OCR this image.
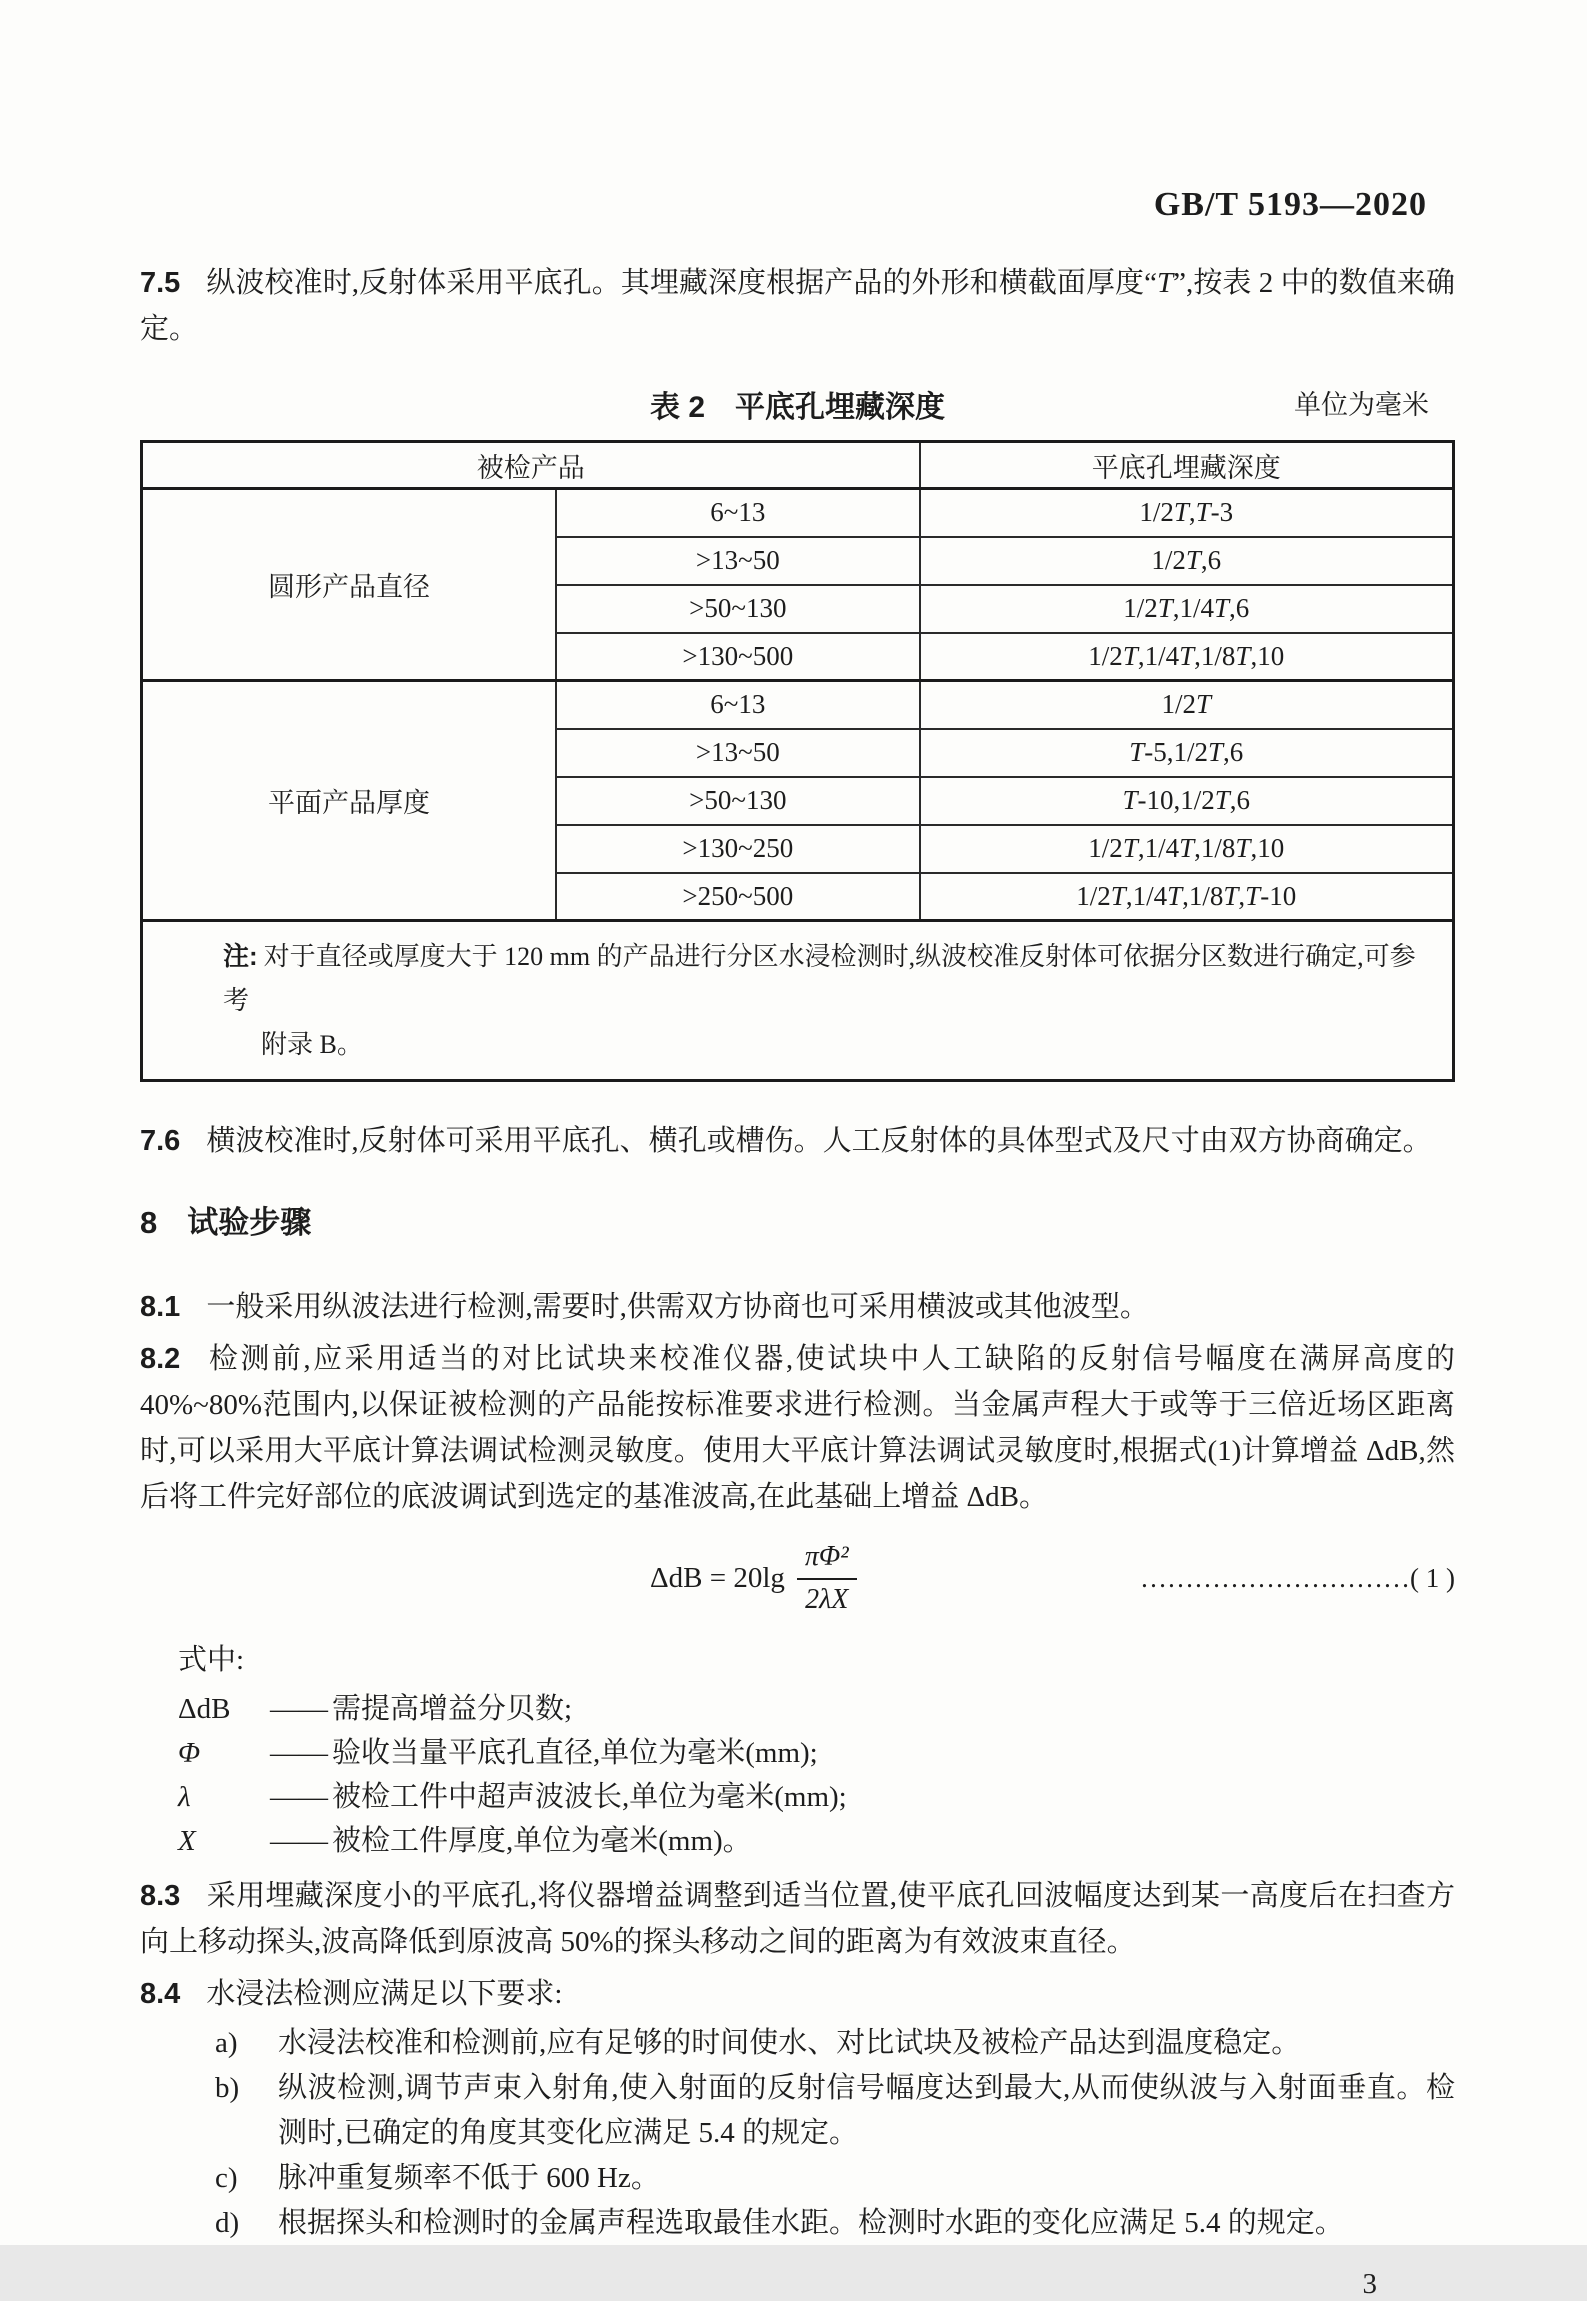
GB/T 5193—2020

7.5 纵波校准时,反射体采用平底孔。其埋藏深度根据产品的外形和横截面厚度“T”,按表 2 中的数值来确定。

表 2　平底孔埋藏深度	单位为毫米
被检产品		平底孔埋藏深度
圆形产品直径	6~13	1/2T,T-3
	>13~50	1/2T,6
	>50~130	1/2T,1/4T,6
	>130~500	1/2T,1/4T,1/8T,10
平面产品厚度	6~13	1/2T
	>13~50	T-5,1/2T,6
	>50~130	T-10,1/2T,6
	>130~250	1/2T,1/4T,1/8T,10
	>250~500	1/2T,1/4T,1/8T,T-10
注: 对于直径或厚度大于 120 mm 的产品进行分区水浸检测时,纵波校准反射体可依据分区数进行确定,可参考
附录 B。		

7.6 横波校准时,反射体可采用平底孔、横孔或槽伤。人工反射体的具体型式及尺寸由双方协商确定。

8 试验步骤

8.1 一般采用纵波法进行检测,需要时,供需双方协商也可采用横波或其他波型。

8.2 检测前,应采用适当的对比试块来校准仪器,使试块中人工缺陷的反射信号幅度在满屏高度的 40%~80%范围内,以保证被检测的产品能按标准要求进行检测。当金属声程大于或等于三倍近场区距离时,可以采用大平底计算法调试检测灵敏度。使用大平底计算法调试灵敏度时,根据式(1)计算增益 ΔdB,然后将工件完好部位的底波调试到选定的基准波高,在此基础上增益 ΔdB。

$\Delta dB = 20\lg \frac{\text{πΦ²}}{2\lambda X}$	…………………………( 1 )

式中:

ΔdB	—— 需提高增益分贝数;
Φ	—— 验收当量平底孔直径,单位为毫米(mm);
λ	—— 被检工件中超声波波长,单位为毫米(mm);
X	—— 被检工件厚度,单位为毫米(mm)。

8.3 采用埋藏深度小的平底孔,将仪器增益调整到适当位置,使平底孔回波幅度达到某一高度后在扫查方向上移动探头,波高降低到原波高 50%的探头移动之间的距离为有效波束直径。

8.4 水浸法检测应满足以下要求:

a)	水浸法校准和检测前,应有足够的时间使水、对比试块及被检产品达到温度稳定。
b)	纵波检测,调节声束入射角,使入射面的反射信号幅度达到最大,从而使纵波与入射面垂直。检测时,已确定的角度其变化应满足 5.4 的规定。
c)	脉冲重复频率不低于 600 Hz。
d)	根据探头和检测时的金属声程选取最佳水距。检测时水距的变化应满足 5.4 的规定。
3
